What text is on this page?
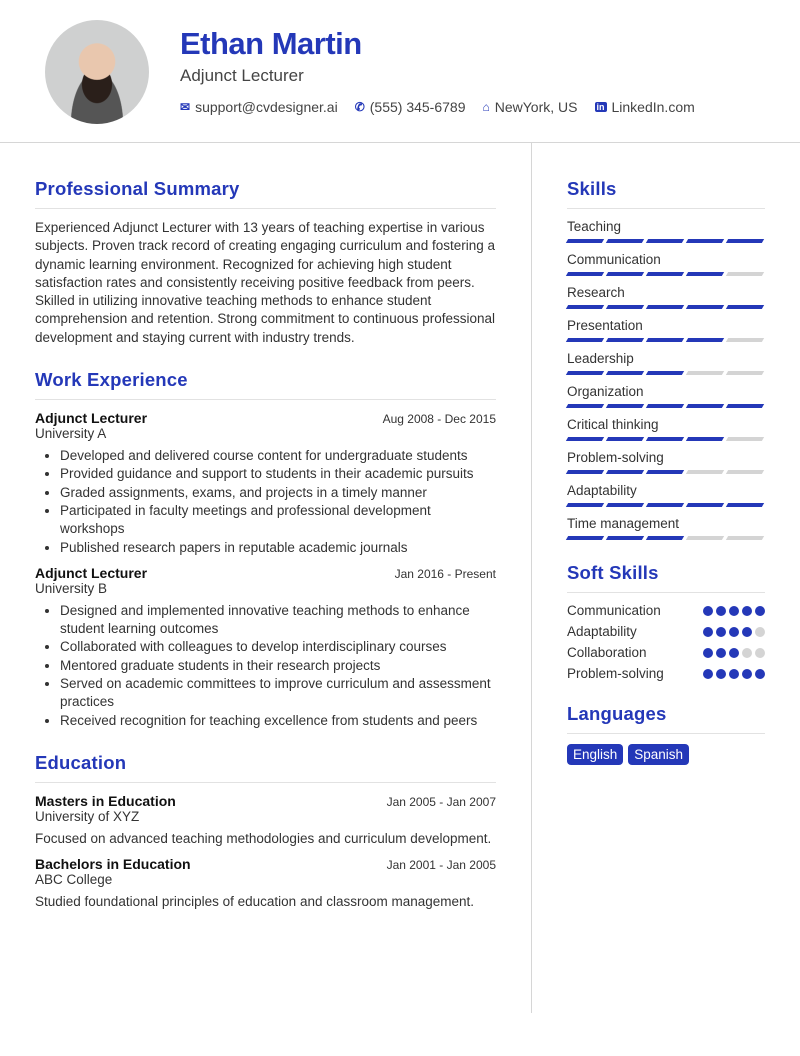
Ethan Martin
Adjunct Lecturer
✉ support@cvdesigner.ai ✆ (555) 345-6789 ⌂ NewYork, US in LinkedIn.com
Professional Summary

Experienced Adjunct Lecturer with 13 years of teaching expertise in various subjects. Proven track record of creating engaging curriculum and fostering a dynamic learning environment. Recognized for achieving high student satisfaction rates and consistently receiving positive feedback from peers. Skilled in utilizing innovative teaching methods to enhance student comprehension and retention. Strong commitment to continuous professional development and staying current with industry trends.

Work Experience
Adjunct Lecturer	Aug 2008 - Dec 2015
University A
• Developed and delivered course content for undergraduate students
• Provided guidance and support to students in their academic pursuits
• Graded assignments, exams, and projects in a timely manner
• Participated in faculty meetings and professional development workshops
• Published research papers in reputable academic journals
Adjunct Lecturer	Jan 2016 - Present
University B
• Designed and implemented innovative teaching methods to enhance student learning outcomes
• Collaborated with colleagues to develop interdisciplinary courses
• Mentored graduate students in their research projects
• Served on academic committees to improve curriculum and assessment practices
• Received recognition for teaching excellence from students and peers
Education
Masters in Education	Jan 2005 - Jan 2007
University of XYZ

Focused on advanced teaching methodologies and curriculum development.

Bachelors in Education	Jan 2001 - Jan 2005
ABC College

Studied foundational principles of education and classroom management.

Skills
Teaching
Communication
Research
Presentation
Leadership
Organization
Critical thinking
Problem-solving
Adaptability
Time management
Soft Skills
Communication
Adaptability
Collaboration
Problem-solving
Languages
English	Spanish
